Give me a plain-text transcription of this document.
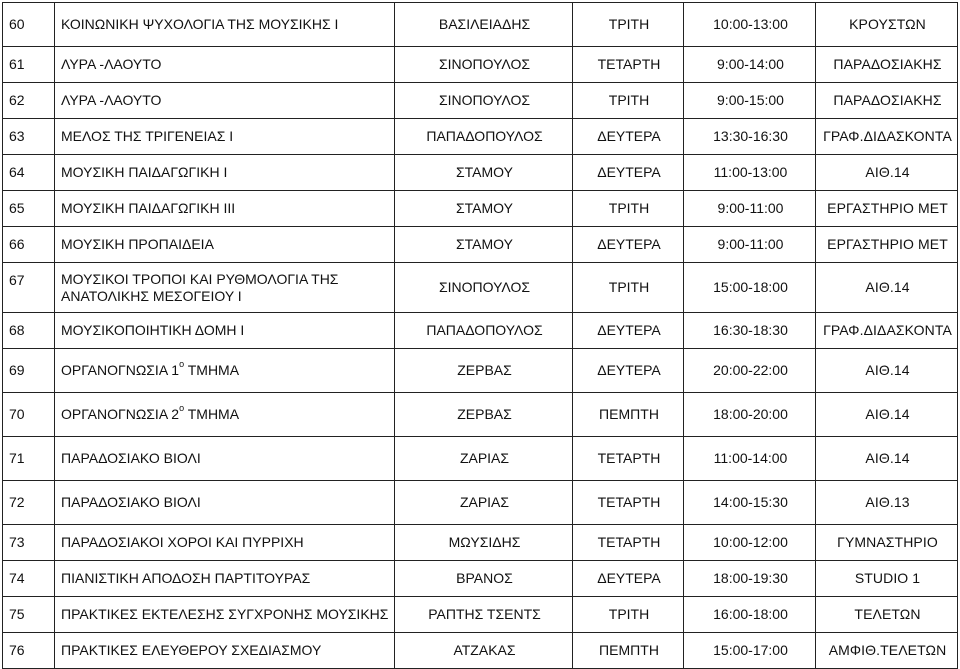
60	ΚΟΙΝΩΝΙΚΗ ΨΥΧΟΛΟΓΙΑ ΤΗΣ ΜΟΥΣΙΚΗΣ Ι	ΒΑΣΙΛΕΙΑΔΗΣ	ΤΡΙΤΗ	10:00-13:00	ΚΡΟΥΣΤΩΝ
61	ΛΥΡΑ -ΛΑΟΥΤΟ	ΣΙΝΟΠΟΥΛΟΣ	ΤΕΤΑΡΤΗ	9:00-14:00	ΠΑΡΑΔΟΣΙΑΚΗΣ
62	ΛΥΡΑ -ΛΑΟΥΤΟ	ΣΙΝΟΠΟΥΛΟΣ	ΤΡΙΤΗ	9:00-15:00	ΠΑΡΑΔΟΣΙΑΚΗΣ
63	ΜΕΛΟΣ ΤΗΣ ΤΡΙΓΕΝΕΙΑΣ Ι	ΠΑΠΑΔΟΠΟΥΛΟΣ	ΔΕΥΤΕΡΑ	13:30-16:30	ΓΡΑΦ.ΔΙΔΑΣΚΟΝΤΑ
64	ΜΟΥΣΙΚΗ ΠΑΙΔΑΓΩΓΙΚΗ Ι	ΣΤΑΜΟΥ	ΔΕΥΤΕΡΑ	11:00-13:00	ΑΙΘ.14
65	ΜΟΥΣΙΚΗ ΠΑΙΔΑΓΩΓΙΚΗ ΙΙΙ	ΣΤΑΜΟΥ	ΤΡΙΤΗ	9:00-11:00	ΕΡΓΑΣΤΗΡΙΟ ΜΕΤ
66	ΜΟΥΣΙΚΗ ΠΡΟΠΑΙΔΕΙΑ	ΣΤΑΜΟΥ	ΔΕΥΤΕΡΑ	9:00-11:00	ΕΡΓΑΣΤΗΡΙΟ ΜΕΤ
67	ΜΟΥΣΙΚΟΙ ΤΡΟΠΟΙ ΚΑΙ ΡΥΘΜΟΛΟΓΙΑ ΤΗΣ ΑΝΑΤΟΛΙΚΗΣ ΜΕΣΟΓΕΙΟΥ Ι	ΣΙΝΟΠΟΥΛΟΣ	ΤΡΙΤΗ	15:00-18:00	ΑΙΘ.14
68	ΜΟΥΣΙΚΟΠΟΙΗΤΙΚΗ ΔΟΜΗ Ι	ΠΑΠΑΔΟΠΟΥΛΟΣ	ΔΕΥΤΕΡΑ	16:30-18:30	ΓΡΑΦ.ΔΙΔΑΣΚΟΝΤΑ
69	ΟΡΓΑΝΟΓΝΩΣΙΑ $1^o$ ΤΜΗΜΑ	ΖΕΡΒΑΣ	ΔΕΥΤΕΡΑ	20:00-22:00	ΑΙΘ.14
70	ΟΡΓΑΝΟΓΝΩΣΙΑ $2^o$ ΤΜΗΜΑ	ΖΕΡΒΑΣ	ΠΕΜΠΤΗ	18:00-20:00	ΑΙΘ.14
71	ΠΑΡΑΔΟΣΙΑΚΟ ΒΙΟΛΙ	ΖΑΡΙΑΣ	ΤΕΤΑΡΤΗ	11:00-14:00	ΑΙΘ.14
72	ΠΑΡΑΔΟΣΙΑΚΟ ΒΙΟΛΙ	ΖΑΡΙΑΣ	ΤΕΤΑΡΤΗ	14:00-15:30	ΑΙΘ.13
73	ΠΑΡΑΔΟΣΙΑΚΟΙ ΧΟΡΟΙ ΚΑΙ ΠΥΡΡΙΧΗ	ΜΩΥΣΙΔΗΣ	ΤΕΤΑΡΤΗ	10:00-12:00	ΓΥΜΝΑΣΤΗΡΙΟ
74	ΠΙΑΝΙΣΤΙΚΗ ΑΠΟΔΟΣΗ ΠΑΡΤΙΤΟΥΡΑΣ	ΒΡΑΝΟΣ	ΔΕΥΤΕΡΑ	18:00-19:30	STUDIO 1
75	ΠΡΑΚΤΙΚΕΣ ΕΚΤΕΛΕΣΗΣ ΣΥΓΧΡΟΝΗΣ ΜΟΥΣΙΚΗΣ	ΡΑΠΤΗΣ ΤΣΕΝΤΣ	ΤΡΙΤΗ	16:00-18:00	ΤΕΛΕΤΩΝ
76	ΠΡΑΚΤΙΚΕΣ ΕΛΕΥΘΕΡΟΥ ΣΧΕΔΙΑΣΜΟΥ	ΑΤΖΑΚΑΣ	ΠΕΜΠΤΗ	15:00-17:00	ΑΜΦΙΘ.ΤΕΛΕΤΩΝ
